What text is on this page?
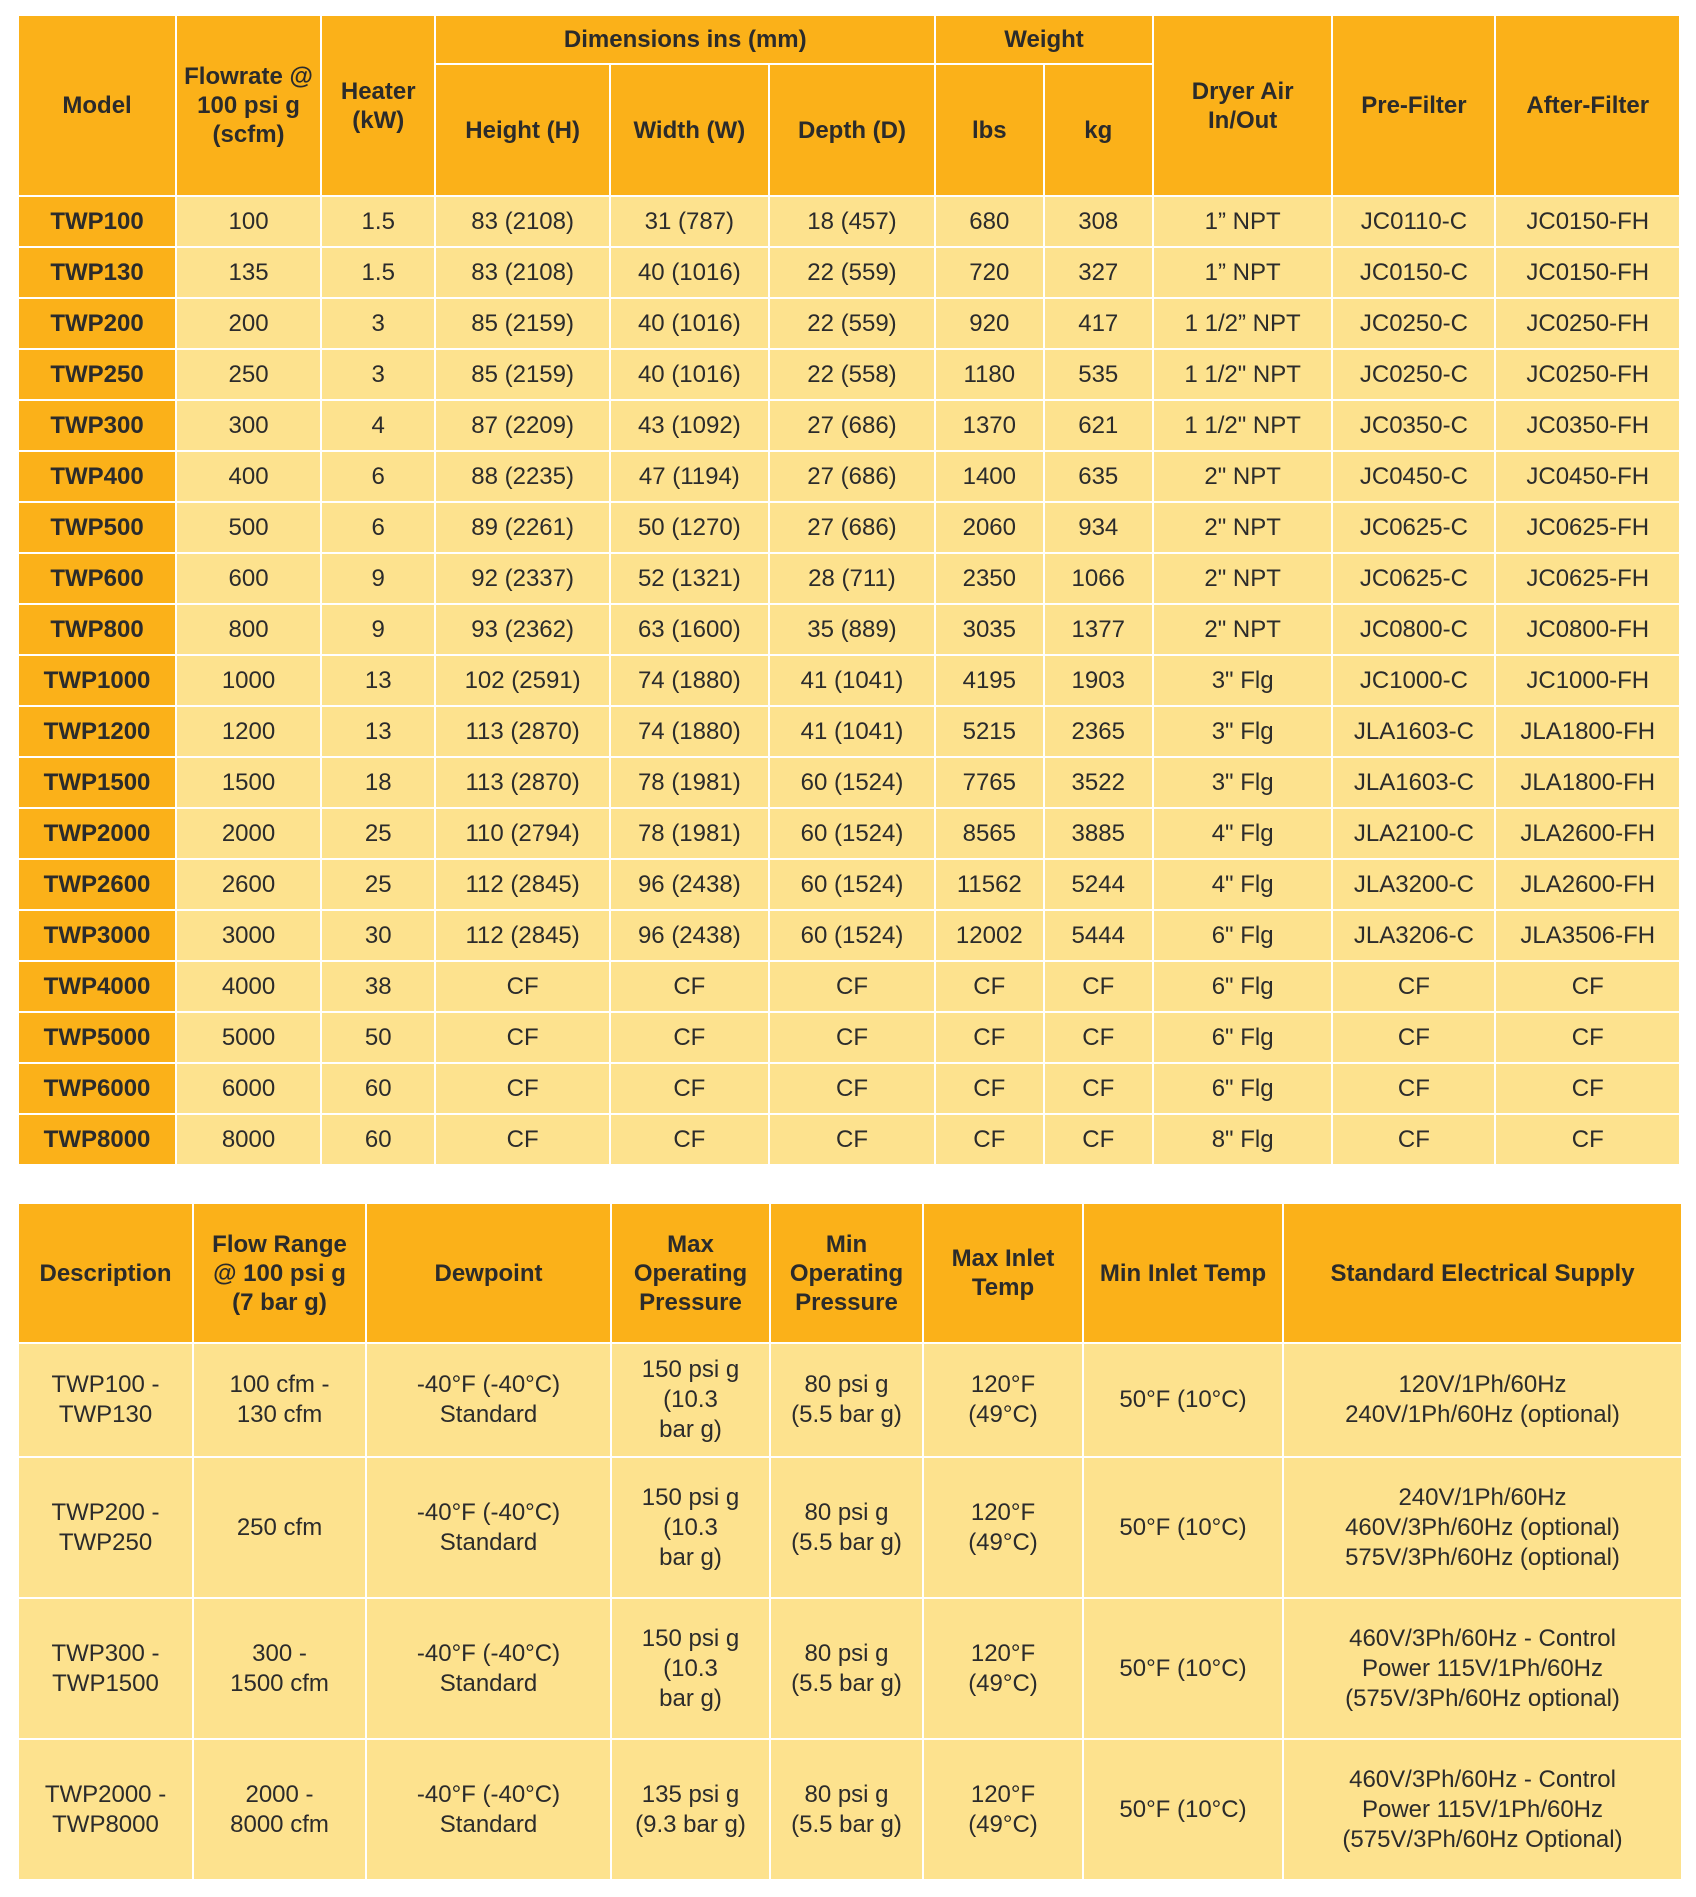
Model	Flowrate @ 100 psi g (scfm)	Heater (kW)	Dimensions ins (mm)			Weight		Dryer Air In/Out	Pre-Filter	After-Filter
			Height (H)	Width (W)	Depth (D)	lbs	kg			
TWP100	100	1.5	83 (2108)	31 (787)	18 (457)	680	308	1” NPT	JC0110-C	JC0150-FH
TWP130	135	1.5	83 (2108)	40 (1016)	22 (559)	720	327	1” NPT	JC0150-C	JC0150-FH
TWP200	200	3	85 (2159)	40 (1016)	22 (559)	920	417	1 1/2” NPT	JC0250-C	JC0250-FH
TWP250	250	3	85 (2159)	40 (1016)	22 (558)	1180	535	1 1/2" NPT	JC0250-C	JC0250-FH
TWP300	300	4	87 (2209)	43 (1092)	27 (686)	1370	621	1 1/2" NPT	JC0350-C	JC0350-FH
TWP400	400	6	88 (2235)	47 (1194)	27 (686)	1400	635	2" NPT	JC0450-C	JC0450-FH
TWP500	500	6	89 (2261)	50 (1270)	27 (686)	2060	934	2" NPT	JC0625-C	JC0625-FH
TWP600	600	9	92 (2337)	52 (1321)	28 (711)	2350	1066	2" NPT	JC0625-C	JC0625-FH
TWP800	800	9	93 (2362)	63 (1600)	35 (889)	3035	1377	2" NPT	JC0800-C	JC0800-FH
TWP1000	1000	13	102 (2591)	74 (1880)	41 (1041)	4195	1903	3" Flg	JC1000-C	JC1000-FH
TWP1200	1200	13	113 (2870)	74 (1880)	41 (1041)	5215	2365	3" Flg	JLA1603-C	JLA1800-FH
TWP1500	1500	18	113 (2870)	78 (1981)	60 (1524)	7765	3522	3" Flg	JLA1603-C	JLA1800-FH
TWP2000	2000	25	110 (2794)	78 (1981)	60 (1524)	8565	3885	4" Flg	JLA2100-C	JLA2600-FH
TWP2600	2600	25	112 (2845)	96 (2438)	60 (1524)	11562	5244	4" Flg	JLA3200-C	JLA2600-FH
TWP3000	3000	30	112 (2845)	96 (2438)	60 (1524)	12002	5444	6" Flg	JLA3206-C	JLA3506-FH
TWP4000	4000	38	CF	CF	CF	CF	CF	6" Flg	CF	CF
TWP5000	5000	50	CF	CF	CF	CF	CF	6" Flg	CF	CF
TWP6000	6000	60	CF	CF	CF	CF	CF	6" Flg	CF	CF
TWP8000	8000	60	CF	CF	CF	CF	CF	8" Flg	CF	CF
Description	Flow Range @ 100 psi g (7 bar g)	Dewpoint	Max Operating Pressure	Min Operating Pressure	Max Inlet Temp	Min Inlet Temp	Standard Electrical Supply

TWP100 -
TWP130	100 cfm -
130 cfm	-40°F (-40°C)
Standard	150 psi g
(10.3
bar g)	80 psi g
(5.5 bar g)	120°F
(49°C)	50°F (10°C)	120V/1Ph/60Hz
240V/1Ph/60Hz (optional)

TWP200 -
TWP250	250 cfm	-40°F (-40°C)
Standard	150 psi g
(10.3
bar g)	80 psi g
(5.5 bar g)	120°F
(49°C)	50°F (10°C)	240V/1Ph/60Hz
460V/3Ph/60Hz (optional)
575V/3Ph/60Hz (optional)

TWP300 -
TWP1500	300 -
1500 cfm	-40°F (-40°C)
Standard	150 psi g
(10.3
bar g)	80 psi g
(5.5 bar g)	120°F
(49°C)	50°F (10°C)	460V/3Ph/60Hz - Control
Power 115V/1Ph/60Hz
(575V/3Ph/60Hz optional)

TWP2000 -
TWP8000	2000 -
8000 cfm	-40°F (-40°C)
Standard	135 psi g
(9.3 bar g)	80 psi g
(5.5 bar g)	120°F
(49°C)	50°F (10°C)	460V/3Ph/60Hz - Control
Power 115V/1Ph/60Hz
(575V/3Ph/60Hz Optional)
